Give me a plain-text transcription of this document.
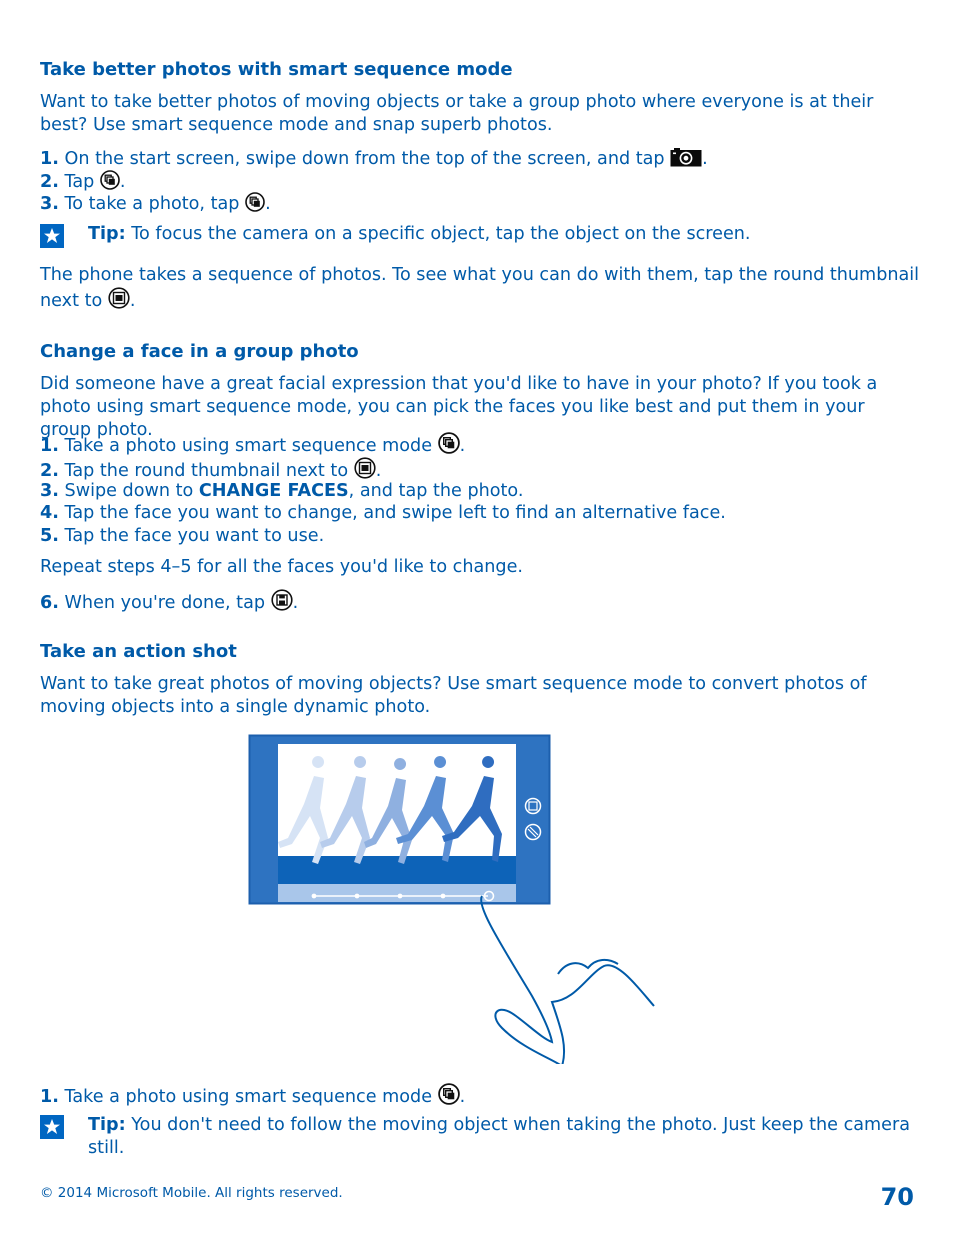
Take better photos with smart sequence mode
Want to take better photos of moving objects or take a group photo where everyone is at their best? Use smart sequence mode and snap superb photos.
1. On the start screen, swipe down from the top of the screen, and tap .
2. Tap .
3. To take a photo, tap .
Tip: To focus the camera on a specific object, tap the object on the screen.
The phone takes a sequence of photos. To see what you can do with them, tap the round thumbnail next to .
Change a face in a group photo
Did someone have a great facial expression that you'd like to have in your photo? If you took a photo using smart sequence mode, you can pick the faces you like best and put them in your group photo.
1. Take a photo using smart sequence mode .
2. Tap the round thumbnail next to .
3. Swipe down to CHANGE FACES, and tap the photo.
4. Tap the face you want to change, and swipe left to find an alternative face.
5. Tap the face you want to use.
Repeat steps 4–5 for all the faces you'd like to change.
6. When you're done, tap .
Take an action shot
Want to take great photos of moving objects? Use smart sequence mode to convert photos of moving objects into a single dynamic photo.
1. Take a photo using smart sequence mode .
Tip: You don't need to follow the moving object when taking the photo. Just keep the camera still.
© 2014 Microsoft Mobile. All rights reserved.	70
